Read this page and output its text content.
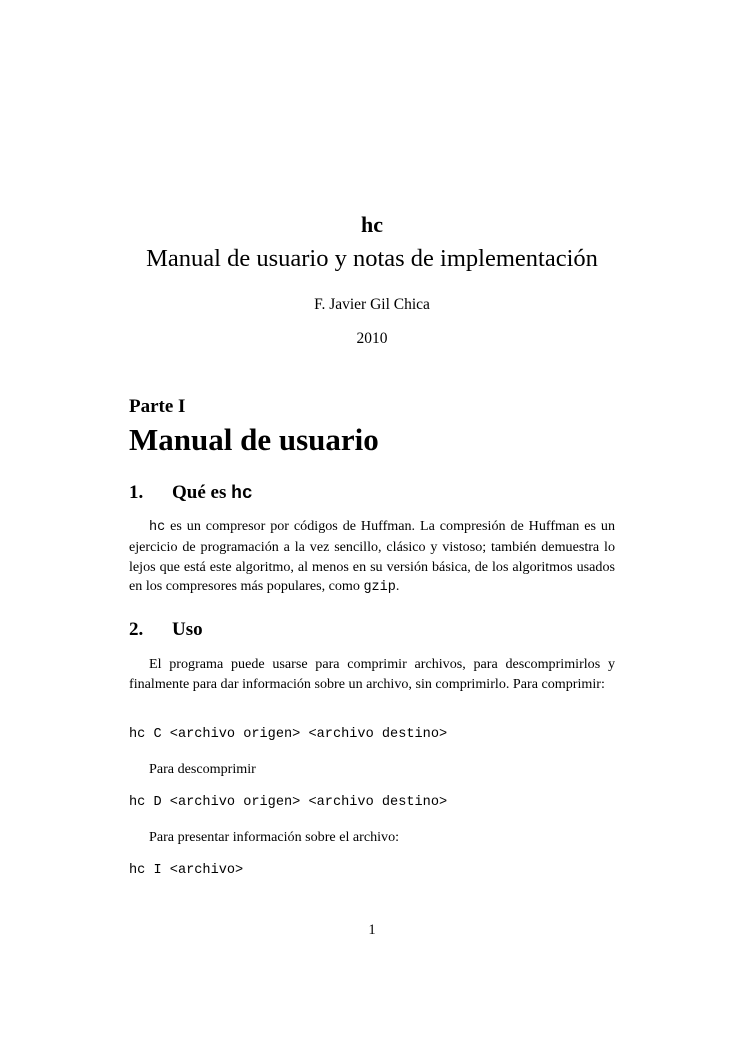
hc
Manual de usuario y notas de implementación
F. Javier Gil Chica
2010
Parte I
Manual de usuario
1. Qué es hc

hc es un compresor por códigos de Huffman. La compresión de Huffman es un ejercicio de programación a la vez sencillo, clásico y vistoso; también demuestra lo lejos que está este algoritmo, al menos en su versión básica, de los algoritmos usados en los compresores más populares, como gzip.

2. Uso

El programa puede usarse para comprimir archivos, para descomprimirlos y finalmente para dar información sobre un archivo, sin comprimirlo. Para comprimir:

hc C <archivo origen> <archivo destino>
Para descomprimir
hc D <archivo origen> <archivo destino>
Para presentar información sobre el archivo:
hc I <archivo>
1
